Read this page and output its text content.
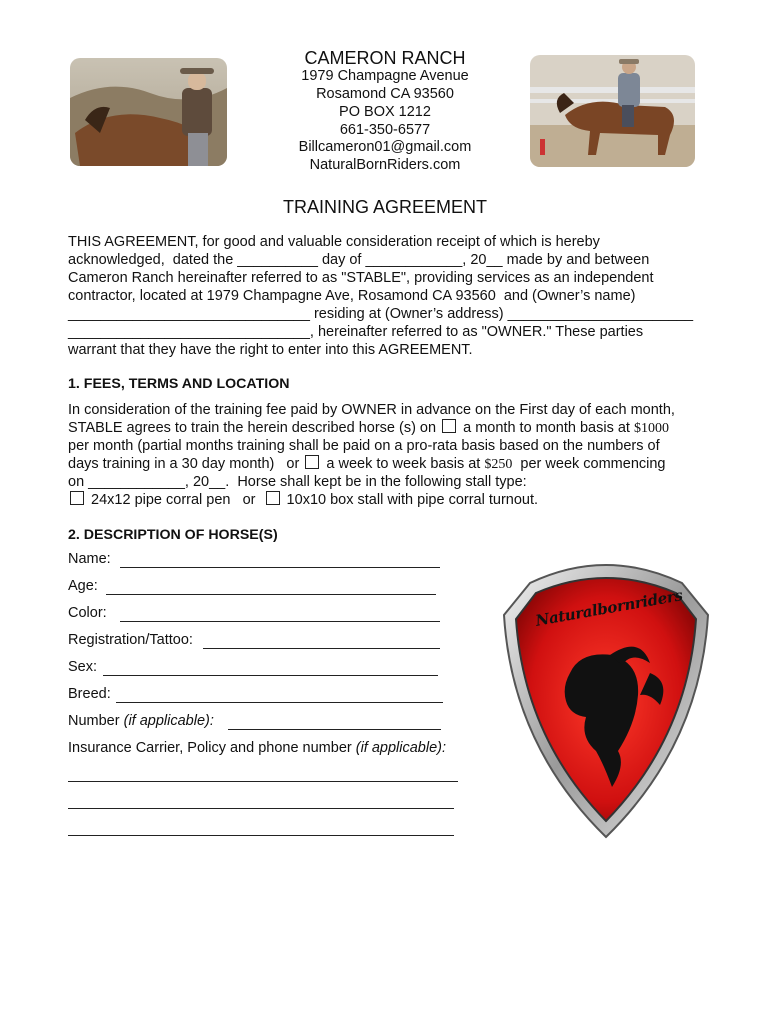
CAMERON RANCH
1979 Champagne Avenue
Rosamond CA 93560
PO BOX 1212
661-350-6577
Billcameron01@gmail.com
NaturalBornRiders.com
TRAINING AGREEMENT
THIS AGREEMENT, for good and valuable consideration receipt of which is hereby
acknowledged,  dated the __________ day of ____________, 20__ made by and between
Cameron Ranch hereinafter referred to as "STABLE", providing services as an independent
contractor, located at 1979 Champagne Ave, Rosamond CA 93560  and (Owner’s name)
______________________________ residing at (Owner’s address) _______________________
______________________________, hereinafter referred to as "OWNER." These parties
warrant that they have the right to enter into this AGREEMENT.
1. FEES, TERMS AND LOCATION
In consideration of the training fee paid by OWNER in advance on the First day of each month,
STABLE agrees to train the herein described horse (s) on  a month to month basis at $1000
per month (partial months training shall be paid on a pro-rata basis based on the numbers of
days training in a 30 day month)   or  a week to week basis at $250  per week commencing
on ____________, 20__.  Horse shall kept be in the following stall type:
24x12 pipe corral pen   or   10x10 box stall with pipe corral turnout.
2. DESCRIPTION OF HORSE(S)
Name:
Age:
Color:
Registration/Tattoo:
Sex:
Breed:
Number (if applicable):
Insurance Carrier, Policy and phone number (if applicable):
Naturalbornriders
